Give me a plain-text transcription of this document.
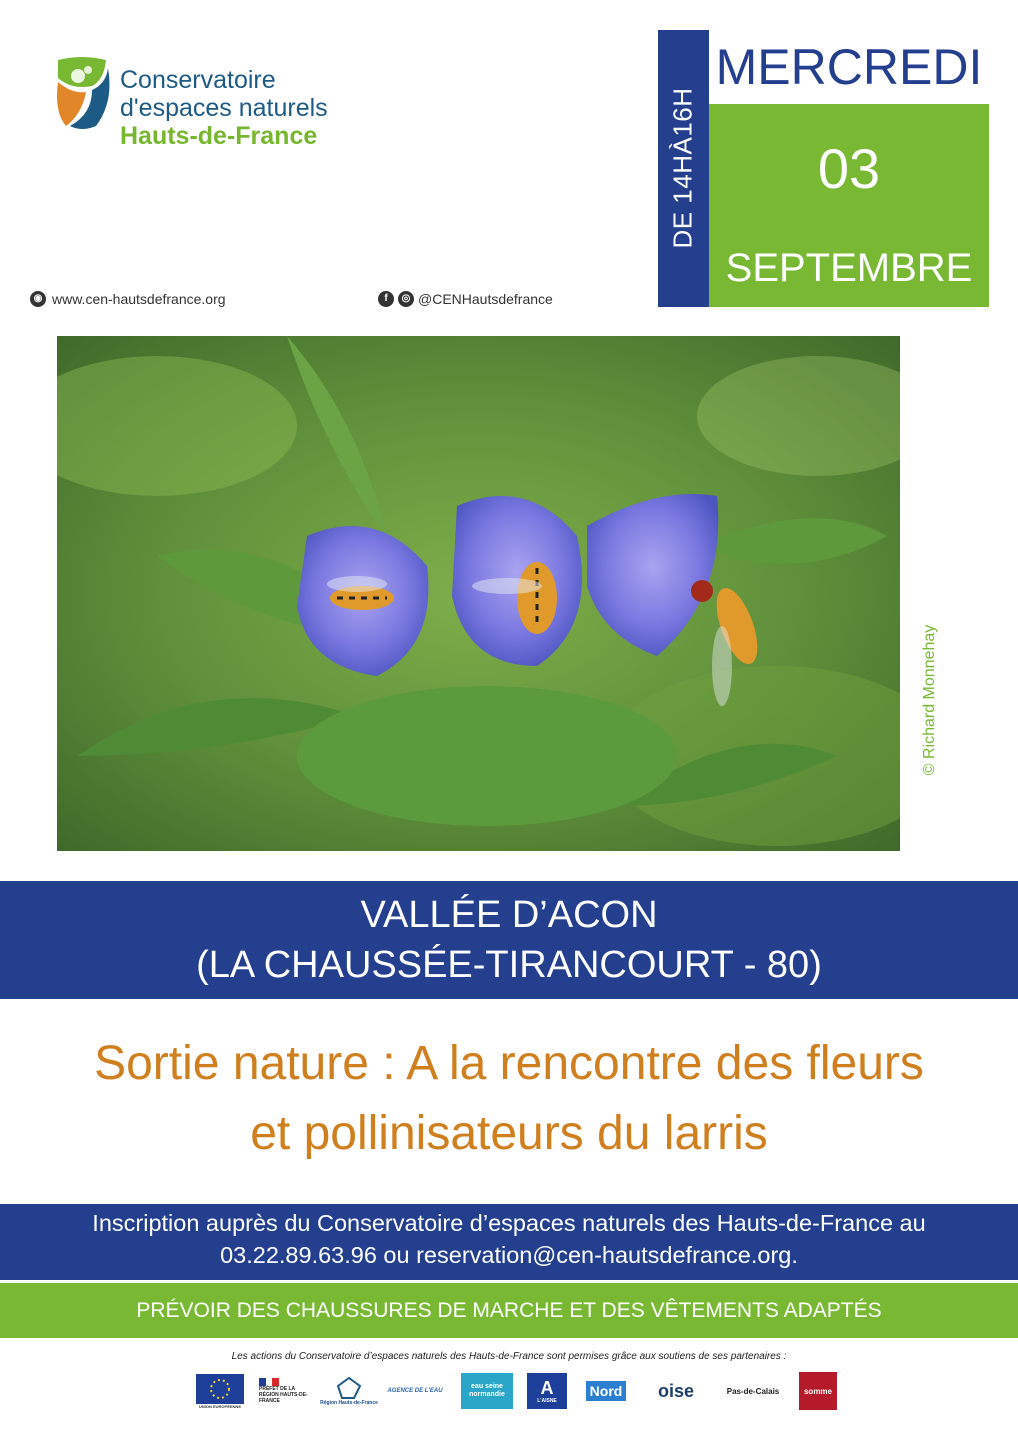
Conservatoire
d'espaces naturels
Hauts-de-France	DE 14HÀ16H
MERCREDI
03
SEPTEMBRE
◉ www.cen-hautsdefrance.org	f	◎ @CENHautsdefrance
© Richard Monnehay
VALLÉE D’ACON
(LA CHAUSSÉE-TIRANCOURT - 80)
Sortie nature : A la rencontre des fleurs
et pollinisateurs du larris
Inscription auprès du Conservatoire d’espaces naturels des Hauts-de-France au
03.22.89.63.96 ou reservation@cen-hautsdefrance.org.
PRÉVOIR DES CHAUSSURES DE MARCHE ET DES VÊTEMENTS ADAPTÉS
Les actions du Conservatoire d’espaces naturels des Hauts-de-France sont permises grâce aux soutiens de ses partenaires :
UNION EUROPÉENNE
PRÉFET DE LA RÉGION HAUTS-DE-FRANCE	Région Hauts-de-France
AGENCE DE L'EAU
eau seine normandie	A
L'AISNE
Nord oise	Pas-de-Calais	somme
